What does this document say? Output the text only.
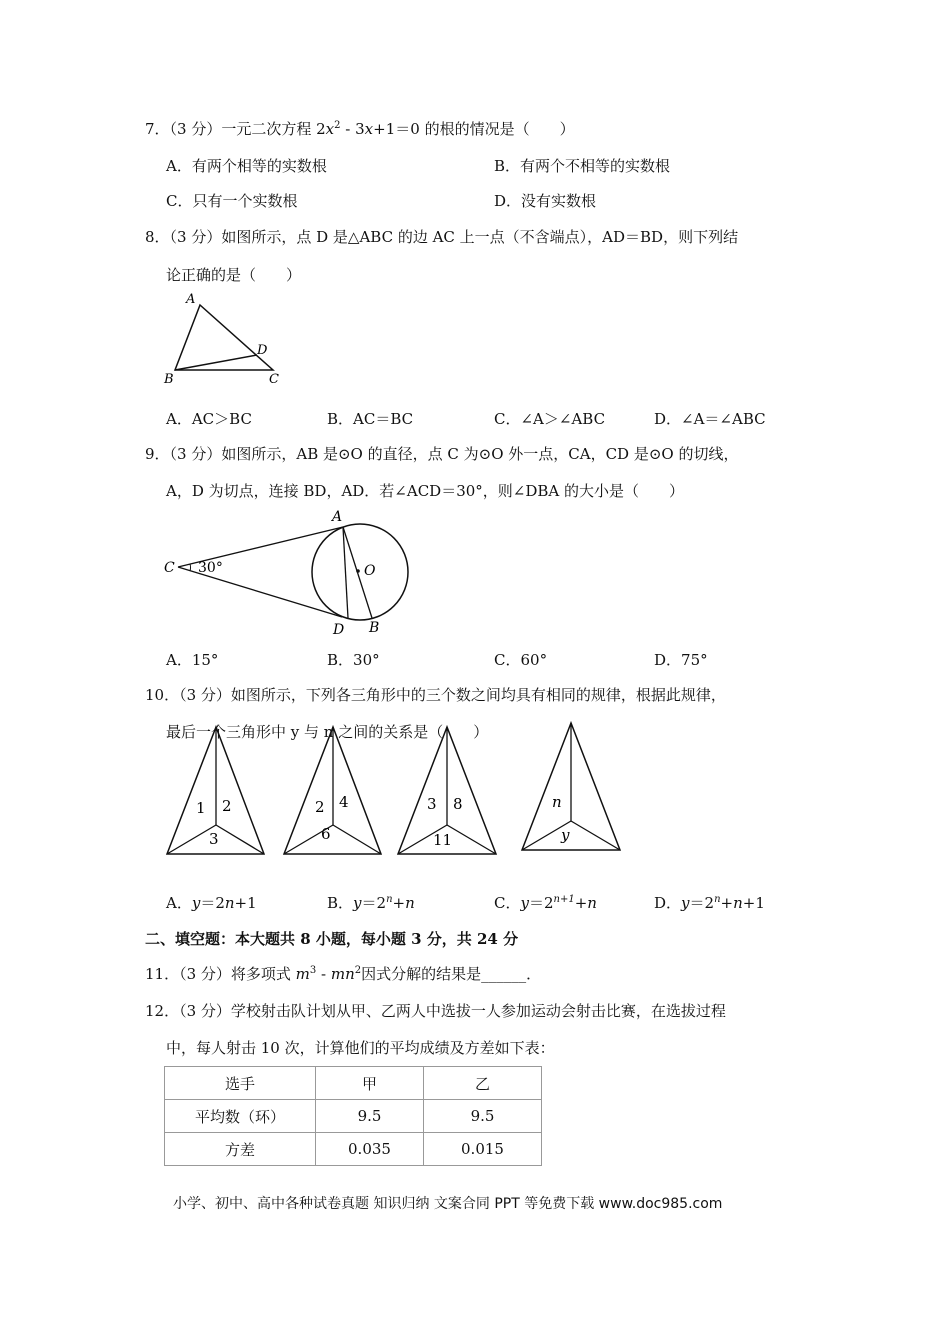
7．（3 分）一元二次方程 $2x^2 - 3x+1=0$ 的根的情况是（　　）
A．有两个相等的实数根	B．有两个不相等的实数根
C．只有一个实数根	D．没有实数根
8．（3 分）如图所示，点 D 是△ABC 的边 AC 上一点（不含端点），AD＝BD，则下列结
论正确的是（　　）
A
B	C
D
A．AC＞BC	B．AC＝BC	C．∠A＞∠ABC	D．∠A＝∠ABC
9．（3 分）如图所示，AB 是⊙O 的直径，点 C 为⊙O 外一点，CA，CD 是⊙O 的切线，
A，D 为切点，连接 BD，AD．若∠ACD＝30°，则∠DBA 的大小是（　　）
C 30°
A
D B
O
A．15°	B．30°	C．60°	D．75°
10．（3 分）如图所示，下列各三角形中的三个数之间均具有相同的规律，根据此规律，
最后一个三角形中 y 与 n 之间的关系是（　　）
1 2
3
2 4
6
3 8
11
n
y
A．y＝2n+1	B．$y=2^n+n$	C．$y=2^{n+1}+n$	D．$y=2^n+n+1$
二、填空题：本大题共 8 小题，每小题 3 分，共 24 分
11．（3 分）将多项式 $m^3 - mn^2$因式分解的结果是______．
12．（3 分）学校射击队计划从甲、乙两人中选拔一人参加运动会射击比赛，在选拔过程
中，每人射击 10 次，计算他们的平均成绩及方差如下表：
选手	甲	乙
平均数（环）	9.5	9.5
方差	0.035	0.015
小学、初中、高中各种试卷真题 知识归纳 文案合同 PPT 等免费下载 www.doc985.com
